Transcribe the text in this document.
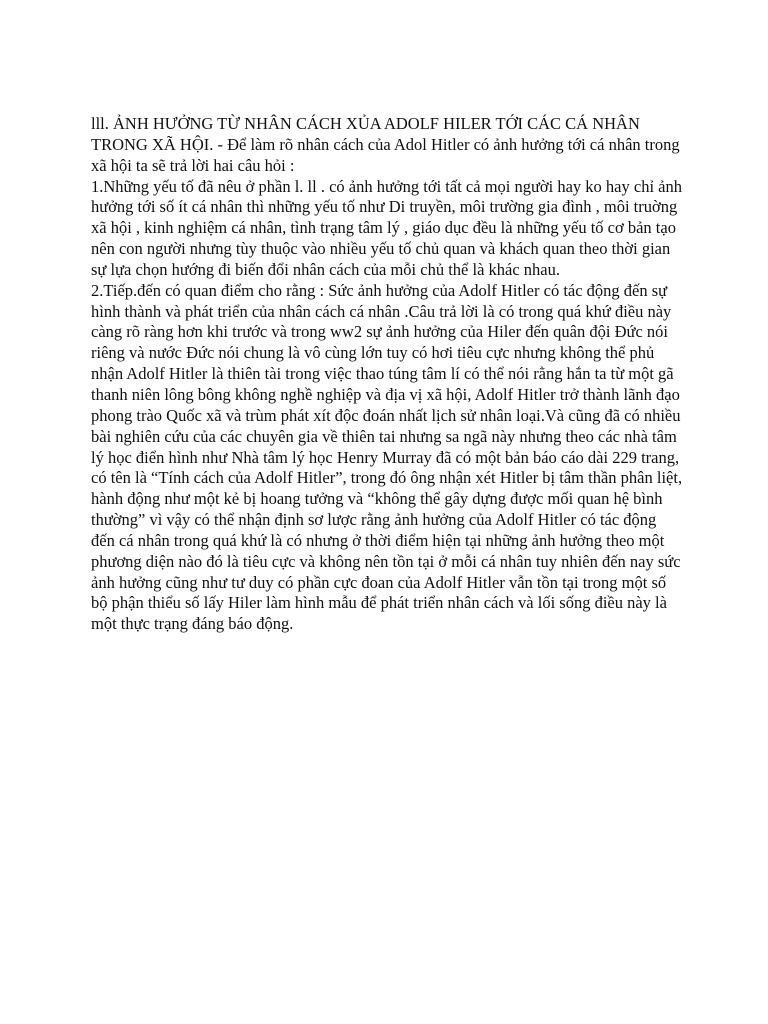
lll. ẢNH HƯỞNG TỪ NHÂN CÁCH XỦA ADOLF HILER TỚI CÁC CÁ NHÂN TRONG XÃ HỘI. - Để làm rõ nhân cách của Adol Hitler có ảnh hưởng tới cá nhân trong xã hội ta sẽ trả lời hai câu hỏi :

1.Những yếu tố đã nêu ở phần l. ll . có ảnh hưởng tới tất cả mọi người hay ko hay chỉ ảnh hưởng tới số ít cá nhân thì những yếu tố như Di truyền, môi trường gia đình , môi truờng xã hội , kinh nghiệm cá nhân, tình trạng tâm lý , giáo dục đều là những yếu tố cơ bản tạo nên con người nhưng tùy thuộc vào nhiều yếu tố chủ quan và khách quan theo thời gian sự lựa chọn hướng đi biến đổi nhân cách của mỗi chủ thể là khác nhau.

2.Tiếp.đến có quan điểm cho rằng : Sức ảnh hưởng của Adolf Hitler có tác động đến sự hình thành và phát triển của nhân cách cá nhân .Câu trả lời là có trong quá khứ điều này càng rõ ràng hơn khi trước và trong ww2 sự ảnh hưởng của Hiler đến quân đội Đức nói riêng và nước Đức nói chung là vô cùng lớn tuy có hơi tiêu cực nhưng không thể phủ nhận Adolf Hitler là thiên tài trong việc thao túng tâm lí có thể nói rằng hắn ta từ một gã thanh niên lông bông không nghề nghiệp và địa vị xã hội, Adolf Hitler trở thành lãnh đạo phong trào Quốc xã và trùm phát xít độc đoán nhất lịch sử nhân loại.Và cũng đã có nhiều bài nghiên cứu của các chuyên gia về thiên tai nhưng sa ngã này nhưng theo các nhà tâm lý học điển hình như Nhà tâm lý học Henry Murray đã có một bản báo cáo dài 229 trang, có tên là “Tính cách của Adolf Hitler”, trong đó ông nhận xét Hitler bị tâm thần phân liệt, hành động như một kẻ bị hoang tưởng và “không thể gây dựng được mối quan hệ bình thường” vì vậy có thể nhận định sơ lược rằng ảnh hưởng của Adolf Hitler có tác động đến cá nhân trong quá khứ là có nhưng ở thời điểm hiện tại những ảnh hưởng theo một phương diện nào đó là tiêu cực và không nên tồn tại ở mỗi cá nhân tuy nhiên đến nay sức ảnh hưởng cũng như tư duy có phần cực đoan của Adolf Hitler vẫn tồn tại trong một số bộ phận thiểu số lấy Hiler làm hình mẫu để phát triển nhân cách và lối sống điều này là một thực trạng đáng báo động.
